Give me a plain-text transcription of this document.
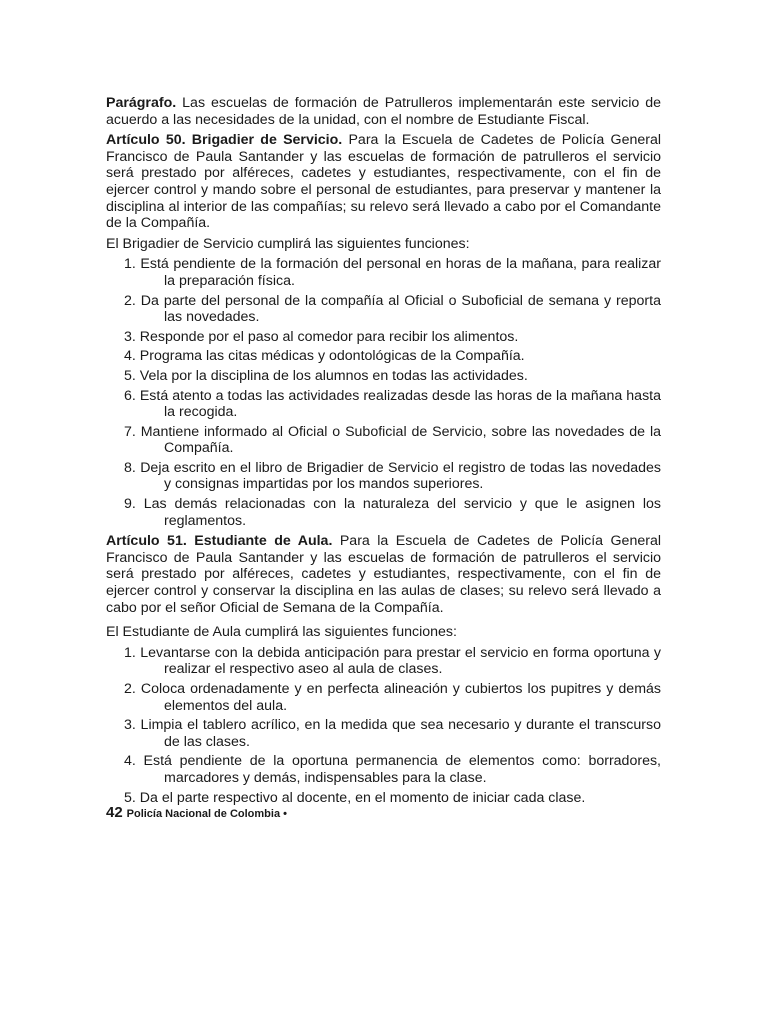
Parágrafo. Las escuelas de formación de Patrulleros implementarán este servicio de acuerdo a las necesidades de la unidad, con el nombre de Estudiante Fiscal.

Artículo 50. Brigadier de Servicio. Para la Escuela de Cadetes de Policía General Francisco de Paula Santander y las escuelas de formación de patrulleros el servicio será prestado por alféreces, cadetes y estudiantes, respectivamente, con el fin de ejercer control y mando sobre el personal de estudiantes, para preservar y mantener la disciplina al interior de las compañías; su relevo será llevado a cabo por el Comandante de la Compañía.

El Brigadier de Servicio cumplirá las siguientes funciones:

1. Está pendiente de la formación del personal en horas de la mañana, para realizar la preparación física.
2. Da parte del personal de la compañía al Oficial o Suboficial de semana y reporta las novedades.
3. Responde por el paso al comedor para recibir los alimentos.
4. Programa las citas médicas y odontológicas de la Compañía.
5. Vela por la disciplina de los alumnos en todas las actividades.
6. Está atento a todas las actividades realizadas desde las horas de la mañana hasta la recogida.
7. Mantiene informado al Oficial o Suboficial de Servicio, sobre las novedades de la Compañía.
8. Deja escrito en el libro de Brigadier de Servicio el registro de todas las novedades y consignas impartidas por los mandos superiores.
9. Las demás relacionadas con la naturaleza del servicio y que le asignen los reglamentos.

Artículo 51. Estudiante de Aula. Para la Escuela de Cadetes de Policía General Francisco de Paula Santander y las escuelas de formación de patrulleros el servicio será prestado por alféreces, cadetes y estudiantes, respectivamente, con el fin de ejercer control y conservar la disciplina en las aulas de clases; su relevo será llevado a cabo por el señor Oficial de Semana de la Compañía.

El Estudiante de Aula cumplirá las siguientes funciones:

1. Levantarse con la debida anticipación para prestar el servicio en forma oportuna y realizar el respectivo aseo al aula de clases.
2. Coloca ordenadamente y en perfecta alineación y cubiertos los pupitres y demás elementos del aula.
3. Limpia el tablero acrílico, en la medida que sea necesario y durante el transcurso de las clases.
4. Está pendiente de la oportuna permanencia de elementos como: borradores, marcadores y demás, indispensables para la clase.
5. Da el parte respectivo al docente, en el momento de iniciar cada clase.
42 Policía Nacional de Colombia •
